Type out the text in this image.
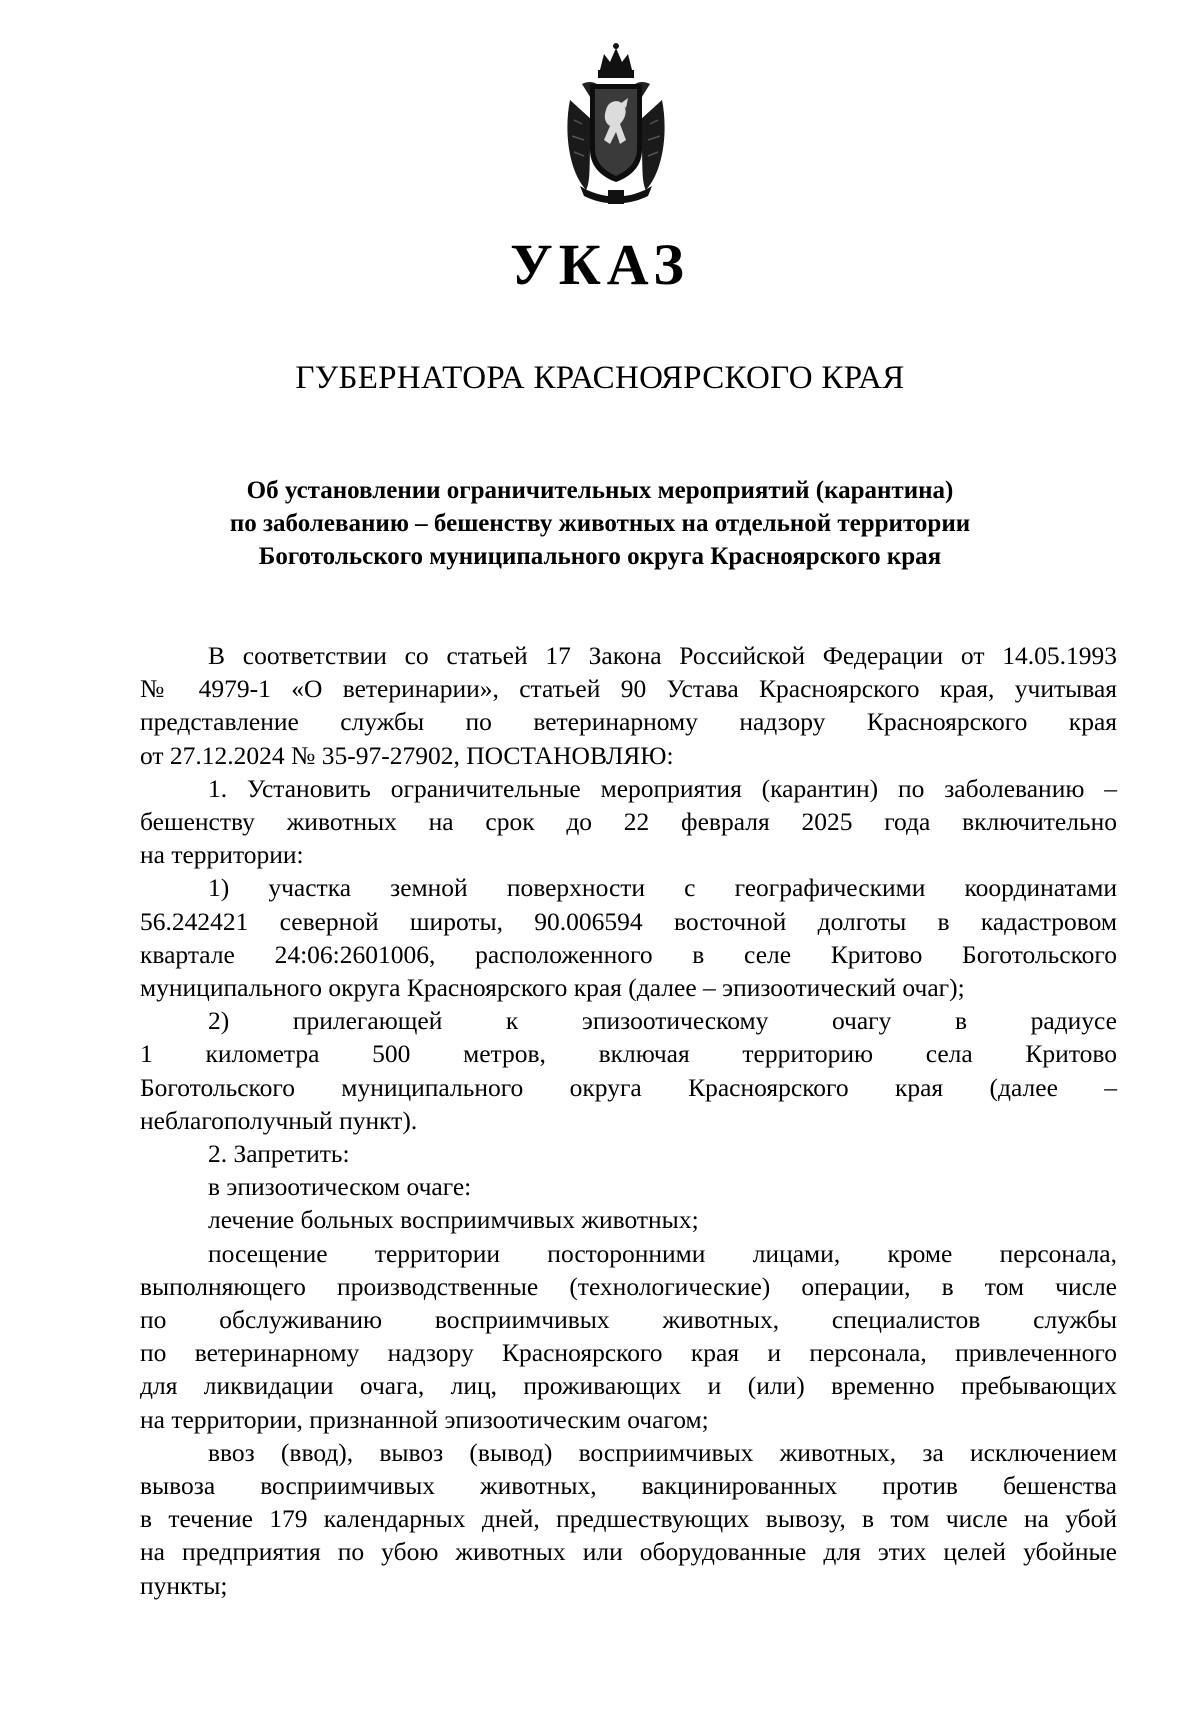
УКАЗ
ГУБЕРНАТОРА КРАСНОЯРСКОГО КРАЯ
Об установлении ограничительных мероприятий (карантина)
по заболеванию – бешенству животных на отдельной территории
Боготольского муниципального округа Красноярского края
В соответствии со статьей 17 Закона Российской Федерации от 14.05.1993
№ 4979-1 «О ветеринарии», статьей 90 Устава Красноярского края, учитывая
представление службы по ветеринарному надзору Красноярского края
от 27.12.2024 № 35-97-27902, ПОСТАНОВЛЯЮ:
1. Установить ограничительные мероприятия (карантин) по заболеванию –
бешенству животных на срок до 22 февраля 2025 года включительно
на территории:
1) участка земной поверхности с географическими координатами
56.242421 северной широты, 90.006594 восточной долготы в кадастровом
квартале 24:06:2601006, расположенного в селе Критово Боготольского
муниципального округа Красноярского края (далее – эпизоотический очаг);
2) прилегающей к эпизоотическому очагу в радиусе
1 километра 500 метров, включая территорию села Критово
Боготольского муниципального округа Красноярского края (далее –
неблагополучный пункт).
2. Запретить:
в эпизоотическом очаге:
лечение больных восприимчивых животных;
посещение территории посторонними лицами, кроме персонала,
выполняющего производственные (технологические) операции, в том числе
по обслуживанию восприимчивых животных, специалистов службы
по ветеринарному надзору Красноярского края и персонала, привлеченного
для ликвидации очага, лиц, проживающих и (или) временно пребывающих
на территории, признанной эпизоотическим очагом;
ввоз (ввод), вывоз (вывод) восприимчивых животных, за исключением
вывоза восприимчивых животных, вакцинированных против бешенства
в течение 179 календарных дней, предшествующих вывозу, в том числе на убой
на предприятия по убою животных или оборудованные для этих целей убойные
пункты;
